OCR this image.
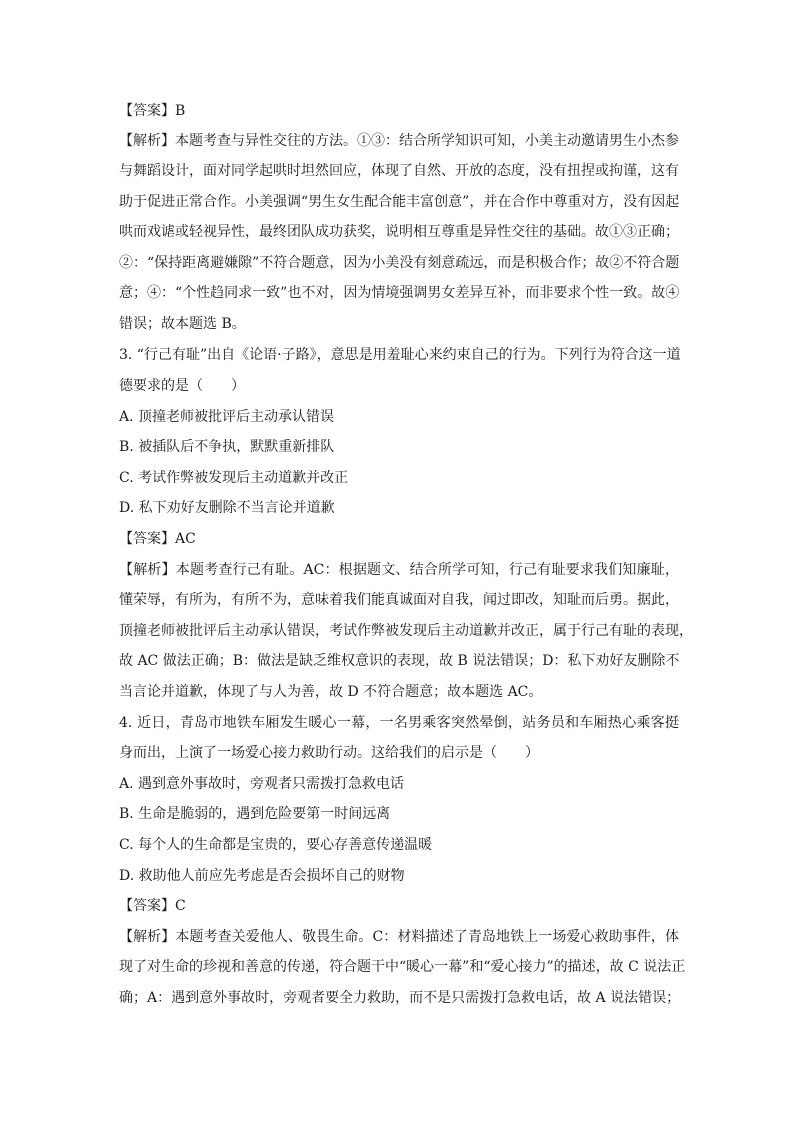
【答案】B
【解析】本题考查与异性交往的方法。①③：结合所学知识可知，小美主动邀请男生小杰参
与舞蹈设计，面对同学起哄时坦然回应，体现了自然、开放的态度，没有扭捏或拘谨，这有
助于促进正常合作。小美强调“男生女生配合能丰富创意”，并在合作中尊重对方，没有因起
哄而戏谑或轻视异性，最终团队成功获奖，说明相互尊重是异性交往的基础。故①③正确；
②：“保持距离避嫌隙”不符合题意，因为小美没有刻意疏远，而是积极合作；故②不符合题
意；④：“个性趋同求一致”也不对，因为情境强调男女差异互补，而非要求个性一致。故④
错误；故本题选 B。
3. “行己有耻”出自《论语·子路》，意思是用羞耻心来约束自己的行为。下列行为符合这一道
德要求的是（　　）
A. 顶撞老师被批评后主动承认错误
B. 被插队后不争执，默默重新排队
C. 考试作弊被发现后主动道歉并改正
D. 私下劝好友删除不当言论并道歉
【答案】AC
【解析】本题考查行己有耻。AC：根据题文、结合所学可知，行己有耻要求我们知廉耻，
懂荣辱，有所为，有所不为，意味着我们能真诚面对自我，闻过即改，知耻而后勇。据此，
顶撞老师被批评后主动承认错误，考试作弊被发现后主动道歉并改正，属于行己有耻的表现，
故 AC 做法正确；B：做法是缺乏维权意识的表现，故 B 说法错误；D：私下劝好友删除不
当言论并道歉，体现了与人为善，故 D 不符合题意；故本题选 AC。
4. 近日，青岛市地铁车厢发生暖心一幕，一名男乘客突然晕倒，站务员和车厢热心乘客挺
身而出，上演了一场爱心接力救助行动。这给我们的启示是（　　）
A. 遇到意外事故时，旁观者只需拨打急救电话
B. 生命是脆弱的，遇到危险要第一时间远离
C. 每个人的生命都是宝贵的，要心存善意传递温暖
D. 救助他人前应先考虑是否会损坏自己的财物
【答案】C
【解析】本题考查关爱他人、敬畏生命。C：材料描述了青岛地铁上一场爱心救助事件，体
现了对生命的珍视和善意的传递，符合题干中“暖心一幕”和“爱心接力”的描述，故 C 说法正
确；A：遇到意外事故时，旁观者要全力救助，而不是只需拨打急救电话，故 A 说法错误；
